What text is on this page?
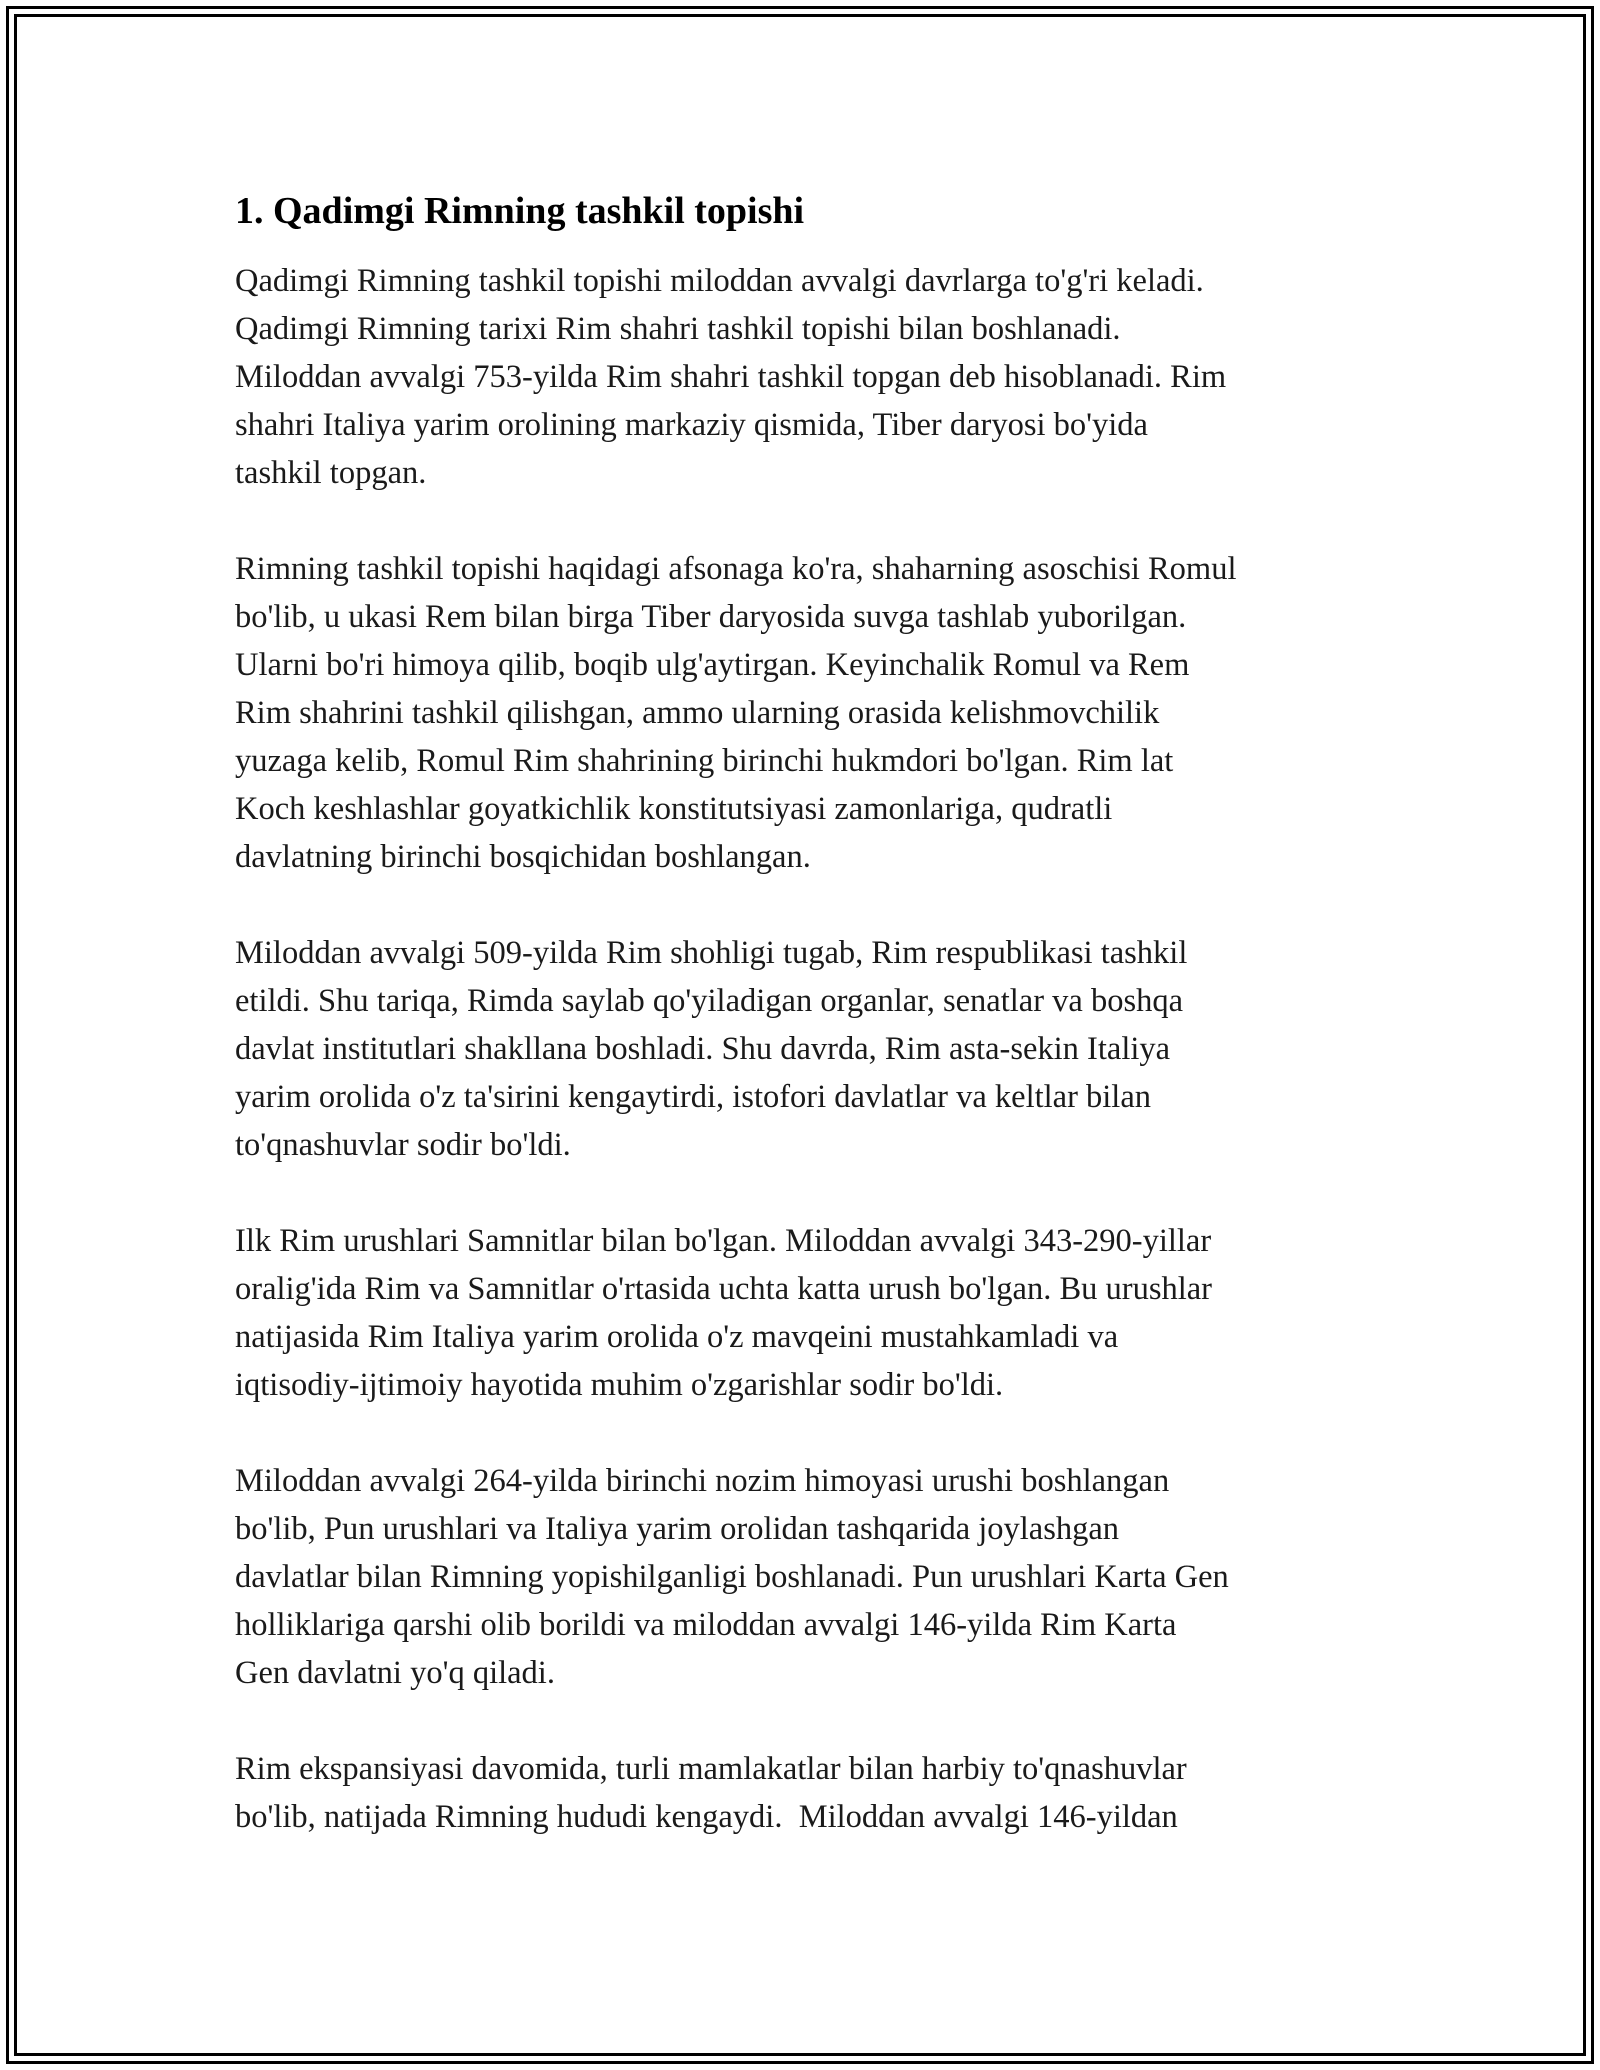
1. Qadimgi Rimning tashkil topishi

Qadimgi Rimning tashkil topishi miloddan avvalgi davrlarga to'g'ri keladi.
Qadimgi Rimning tarixi Rim shahri tashkil topishi bilan boshlanadi.
Miloddan avvalgi 753-yilda Rim shahri tashkil topgan deb hisoblanadi. Rim
shahri Italiya yarim orolining markaziy qismida, Tiber daryosi bo'yida
tashkil topgan.

Rimning tashkil topishi haqidagi afsonaga ko'ra, shaharning asoschisi Romul
bo'lib, u ukasi Rem bilan birga Tiber daryosida suvga tashlab yuborilgan.
Ularni bo'ri himoya qilib, boqib ulg'aytirgan. Keyinchalik Romul va Rem
Rim shahrini tashkil qilishgan, ammo ularning orasida kelishmovchilik
yuzaga kelib, Romul Rim shahrining birinchi hukmdori bo'lgan. Rim lat
Koch keshlashlar goyatkichlik konstitutsiyasi zamonlariga, qudratli
davlatning birinchi bosqichidan boshlangan.

Miloddan avvalgi 509-yilda Rim shohligi tugab, Rim respublikasi tashkil
etildi. Shu tariqa, Rimda saylab qo'yiladigan organlar, senatlar va boshqa
davlat institutlari shakllana boshladi. Shu davrda, Rim asta-sekin Italiya
yarim orolida o'z ta'sirini kengaytirdi, istofori davlatlar va keltlar bilan
to'qnashuvlar sodir bo'ldi.

Ilk Rim urushlari Samnitlar bilan bo'lgan. Miloddan avvalgi 343-290-yillar
oralig'ida Rim va Samnitlar o'rtasida uchta katta urush bo'lgan. Bu urushlar
natijasida Rim Italiya yarim orolida o'z mavqeini mustahkamladi va
iqtisodiy-ijtimoiy hayotida muhim o'zgarishlar sodir bo'ldi.

Miloddan avvalgi 264-yilda birinchi nozim himoyasi urushi boshlangan
bo'lib, Pun urushlari va Italiya yarim orolidan tashqarida joylashgan
davlatlar bilan Rimning yopishilganligi boshlanadi. Pun urushlari Karta Gen
holliklariga qarshi olib borildi va miloddan avvalgi 146-yilda Rim Karta
Gen davlatni yo'q qiladi.

Rim ekspansiyasi davomida, turli mamlakatlar bilan harbiy to'qnashuvlar
bo'lib, natijada Rimning hududi kengaydi.  Miloddan avvalgi 146-yildan
